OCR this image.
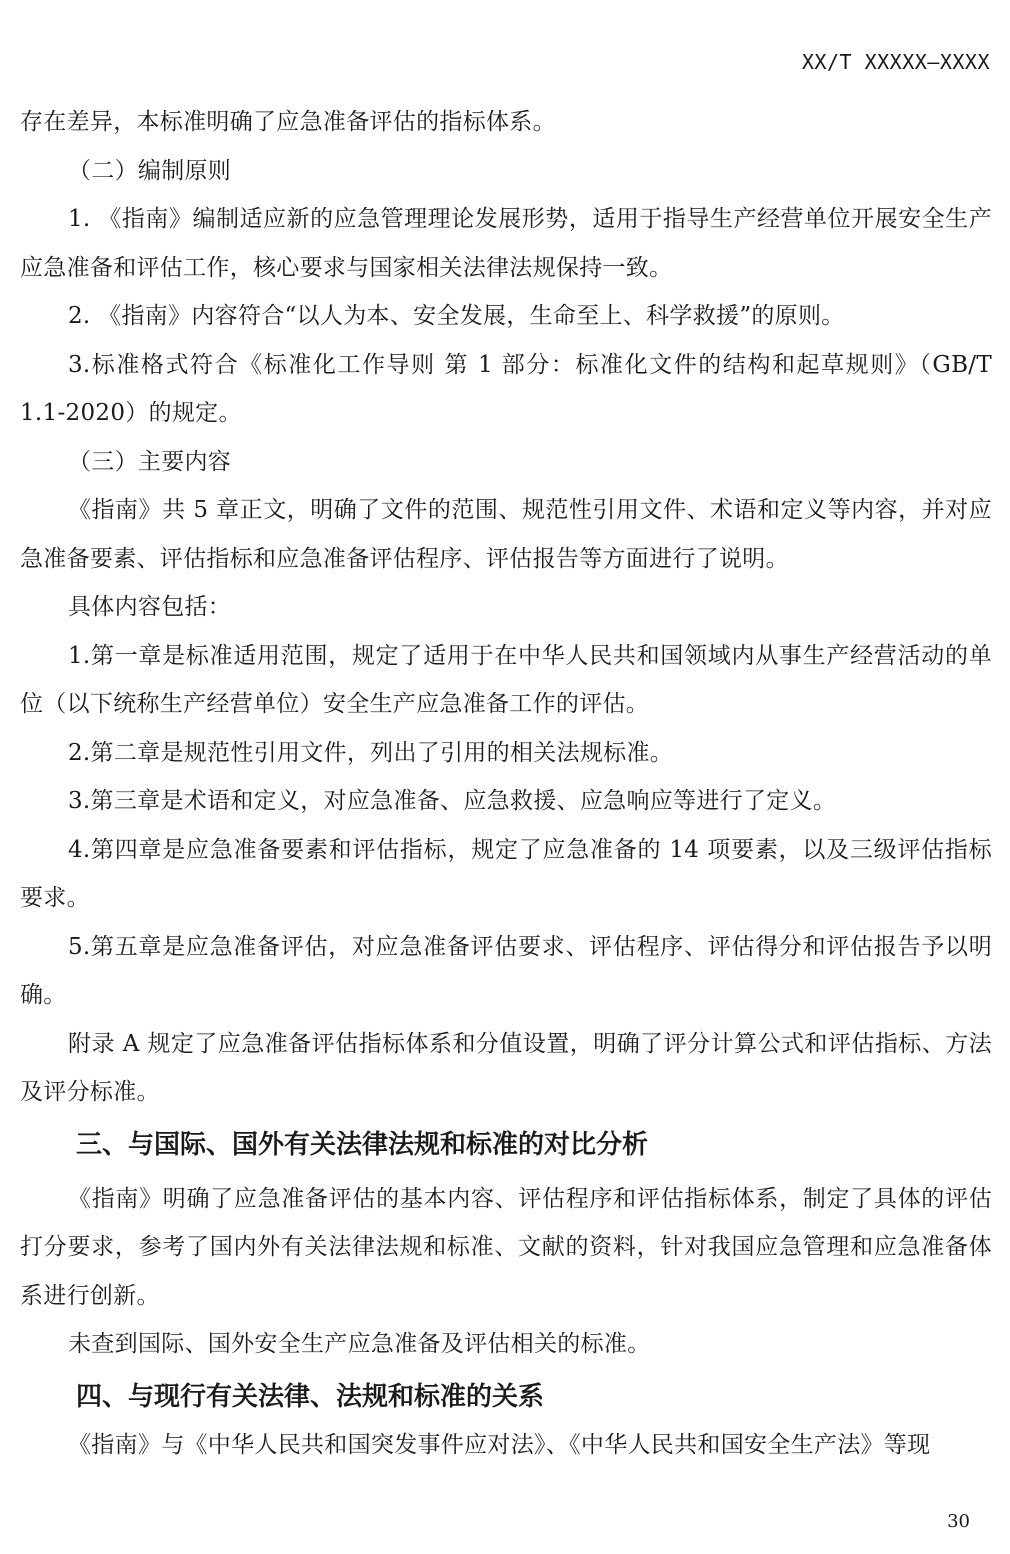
XX/T XXXXX—XXXX

存在差异，本标准明确了应急准备评估的指标体系。

（二）编制原则

1. 《指南》编制适应新的应急管理理论发展形势，适用于指导生产经营单位开展安全生产应急准备和评估工作，核心要求与国家相关法律法规保持一致。

2. 《指南》内容符合“以人为本、安全发展，生命至上、科学救援”的原则。

3.标准格式符合《标准化工作导则 第 1 部分：标准化文件的结构和起草规则》（GB/T 1.1-2020）的规定。

（三）主要内容

《指南》共 5 章正文，明确了文件的范围、规范性引用文件、术语和定义等内容，并对应急准备要素、评估指标和应急准备评估程序、评估报告等方面进行了说明。

具体内容包括：

1.第一章是标准适用范围，规定了适用于在中华人民共和国领域内从事生产经营活动的单位（以下统称生产经营单位）安全生产应急准备工作的评估。

2.第二章是规范性引用文件，列出了引用的相关法规标准。

3.第三章是术语和定义，对应急准备、应急救援、应急响应等进行了定义。

4.第四章是应急准备要素和评估指标，规定了应急准备的 14 项要素，以及三级评估指标要求。

5.第五章是应急准备评估，对应急准备评估要求、评估程序、评估得分和评估报告予以明确。

附录 A 规定了应急准备评估指标体系和分值设置，明确了评分计算公式和评估指标、方法及评分标准。

三、与国际、国外有关法律法规和标准的对比分析

《指南》明确了应急准备评估的基本内容、评估程序和评估指标体系，制定了具体的评估打分要求，参考了国内外有关法律法规和标准、文献的资料，针对我国应急管理和应急准备体系进行创新。

未查到国际、国外安全生产应急准备及评估相关的标准。

四、与现行有关法律、法规和标准的关系

《指南》与《中华人民共和国突发事件应对法》、《中华人民共和国安全生产法》等现

30
